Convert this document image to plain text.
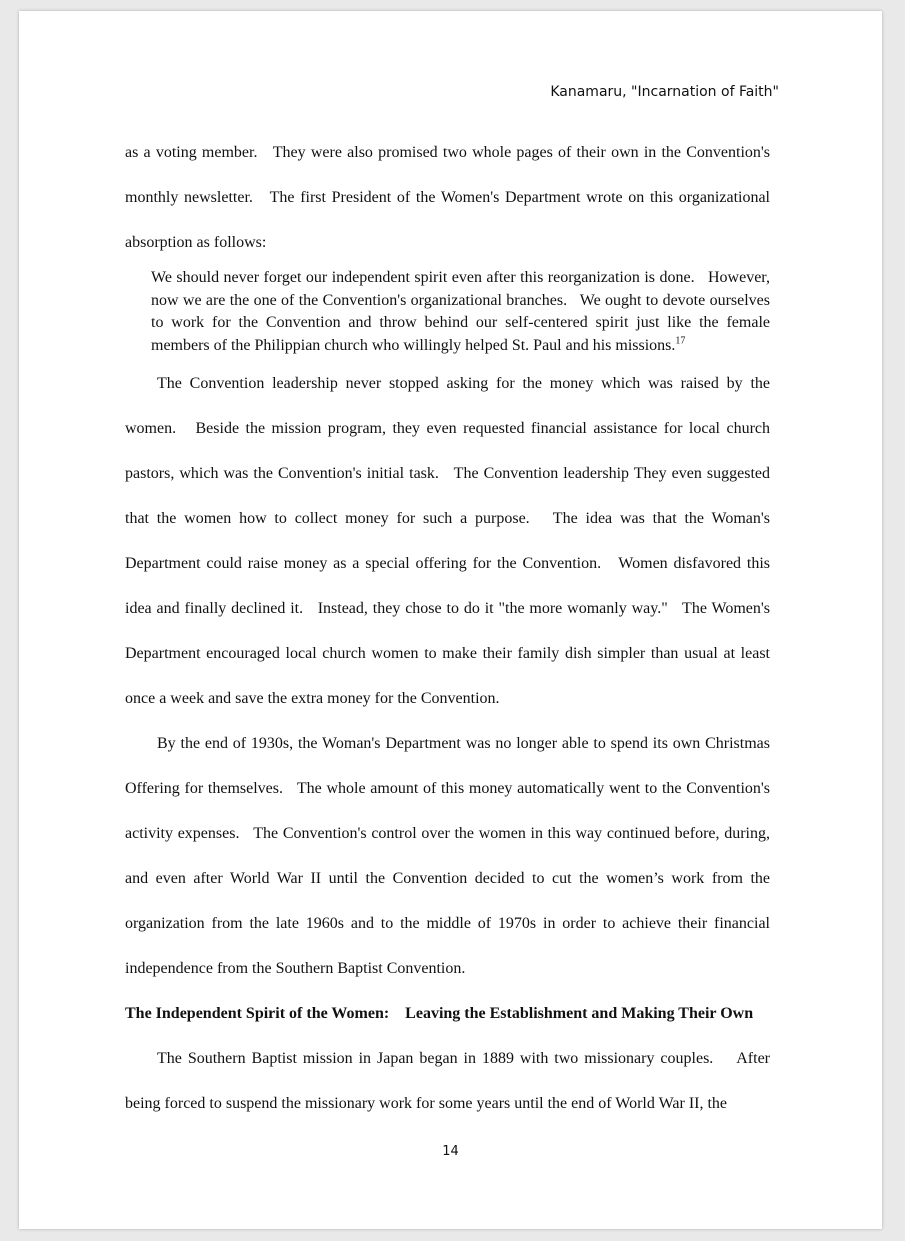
Kanamaru, "Incarnation of Faith"

as a voting member.   They were also promised two whole pages of their own in the Convention's monthly newsletter.   The first President of the Women's Department wrote on this organizational absorption as follows:

We should never forget our independent spirit even after this reorganization is done.   However, now we are the one of the Convention's organizational branches.   We ought to devote ourselves to work for the Convention and throw behind our self-centered spirit just like the female members of the Philippian church who willingly helped St. Paul and his missions.$^{17}$

The Convention leadership never stopped asking for the money which was raised by the women.   Beside the mission program, they even requested financial assistance for local church pastors, which was the Convention's initial task.   The Convention leadership They even suggested that the women how to collect money for such a purpose.   The idea was that the Woman's Department could raise money as a special offering for the Convention.   Women disfavored this idea and finally declined it.   Instead, they chose to do it "the more womanly way."   The Women's Department encouraged local church women to make their family dish simpler than usual at least once a week and save the extra money for the Convention.

By the end of 1930s, the Woman's Department was no longer able to spend its own Christmas Offering for themselves.   The whole amount of this money automatically went to the Convention's activity expenses.   The Convention's control over the women in this way continued before, during, and even after World War II until the Convention decided to cut the women’s work from the organization from the late 1960s and to the middle of 1970s in order to achieve their financial independence from the Southern Baptist Convention.

The Independent Spirit of the Women:    Leaving the Establishment and Making Their Own

The Southern Baptist mission in Japan began in 1889 with two missionary couples.    After being forced to suspend the missionary work for some years until the end of World War II, the

14
